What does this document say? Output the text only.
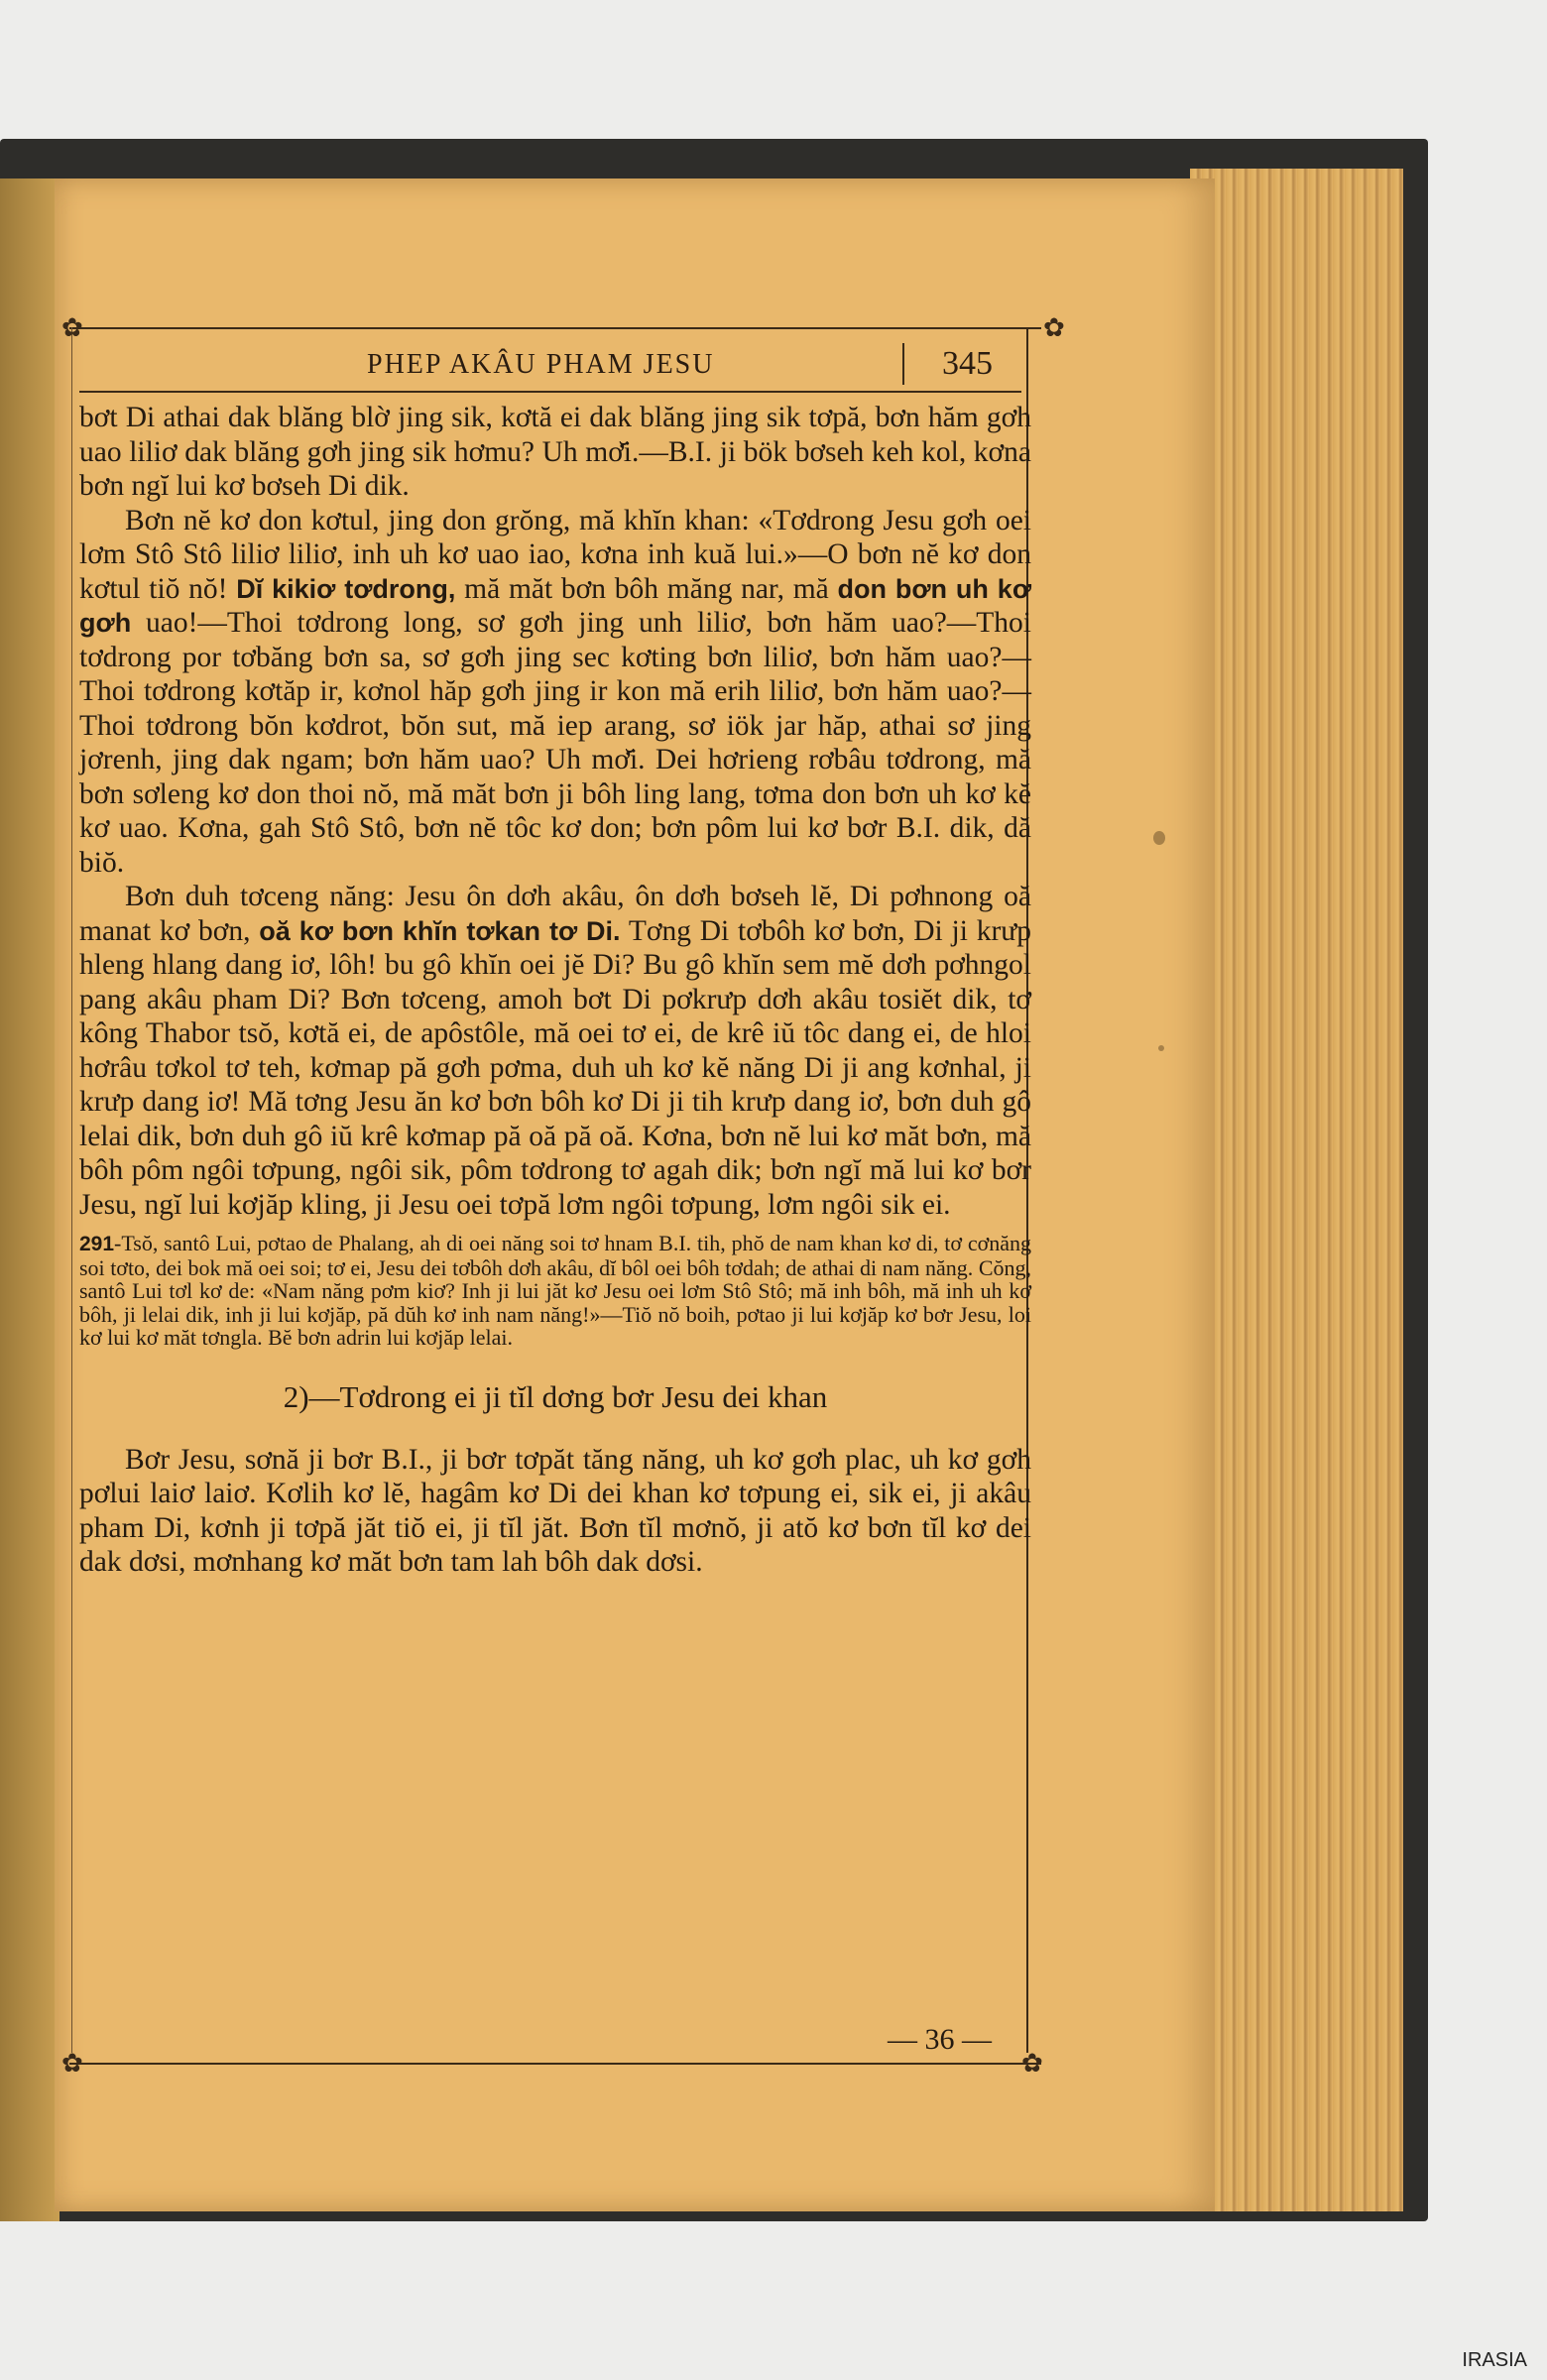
✿	✿
✿	✿
PHEP AKÂU PHAM JESU	345

bơt Di athai dak blăng blờ jing sik, kơtă ei dak blăng jing sik tơpă, bơn hăm gơh uao liliơ dak blăng gơh jing sik hơmu? Uh mơ̆i.—B.I. ji bök bơseh keh kol, kơna bơn ngĭ lui kơ bơseh Di dik.

Bơn nĕ kơ don kơtul, jing don grŏng, mă khĭn khan: «Tơdrong Jesu gơh oei lơm Stô Stô liliơ liliơ, inh uh kơ uao iao, kơna inh kuă lui.»—O bơn nĕ kơ don kơtul tiŏ nŏ! Dĭ kikiơ tơdrong, mă măt bơn bôh măng nar, mă don bơn uh kơ gơh uao!—Thoi tơdrong long, sơ gơh jing unh liliơ, bơn hăm uao?—Thoi tơdrong por tơbăng bơn sa, sơ gơh jing sec kơting bơn liliơ, bơn hăm uao?—Thoi tơdrong kơtăp ir, kơnol hăp gơh jing ir kon mă erih liliơ, bơn hăm uao?—Thoi tơdrong bŏn kơdrot, bŏn sut, mă iep arang, sơ iök jar hăp, athai sơ jing jơrenh, jing dak ngam; bơn hăm uao? Uh mơ̆i. Dei hơrieng rơbâu tơdrong, mă bơn sơleng kơ don thoi nŏ, mă măt bơn ji bôh ling lang, tơma don bơn uh kơ kĕ kơ uao. Kơna, gah Stô Stô, bơn nĕ tôc kơ don; bơn pôm lui kơ bơr B.I. dik, dă biŏ.

Bơn duh tơceng năng: Jesu ôn dơh akâu, ôn dơh bơseh lĕ, Di pơhnong oă manat kơ bơn, oă kơ bơn khĭn tơkan tơ Di. Tơng Di tơbôh kơ bơn, Di ji krưp hleng hlang dang iơ, lôh! bu gô khĭn oei jĕ Di? Bu gô khĭn sem mĕ dơh pơhngol pang akâu pham Di? Bơn tơceng, amoh bơt Di pơkrưp dơh akâu tosiĕt dik, tơ kông Thabor tsŏ, kơtă ei, de apôstôle, mă oei tơ ei, de krê iŭ tôc dang ei, de hloi hơrâu tơkol tơ teh, kơmap pă gơh pơma, duh uh kơ kĕ năng Di ji ang kơnhal, ji krưp dang iơ! Mă tơng Jesu ăn kơ bơn bôh kơ Di ji tih krưp dang iơ, bơn duh gô lelai dik, bơn duh gô iŭ krê kơmap pă oă pă oă. Kơna, bơn nĕ lui kơ măt bơn, mă bôh pôm ngôi tơpung, ngôi sik, pôm tơdrong tơ agah dik; bơn ngĭ mă lui kơ bơr Jesu, ngĭ lui kơjăp kling, ji Jesu oei tơpă lơm ngôi tơpung, lơm ngôi sik ei.

291-Tsŏ, santô Lui, pơtao de Phalang, ah di oei năng soi tơ hnam B.I. tih, phŏ de nam khan kơ di, tơ cơnăng soi tơto, dei bok mă oei soi; tơ ei, Jesu dei tơbôh dơh akâu, dĭ bôl oei bôh tơdah; de athai di nam năng. Cŏng, santô Lui tơl kơ de: «Nam năng pơm kiơ? Inh ji lui jăt kơ Jesu oei lơm Stô Stô; mă inh bôh, mă inh uh kơ bôh, ji lelai dik, inh ji lui kơjăp, pă dŭh kơ inh nam năng!»—Tiŏ nŏ boih, pơtao ji lui kơjăp kơ bơr Jesu, loi kơ lui kơ măt tơngla. Bĕ bơn adrin lui kơjăp lelai.

2)—Tơdrong ei ji tĭl dơng bơr Jesu dei khan

Bơr Jesu, sơnă ji bơr B.I., ji bơr tơpăt tăng năng, uh kơ gơh plac, uh kơ gơh pơlui laiơ laiơ. Kơlih kơ lĕ, hagâm kơ Di dei khan kơ tơpung ei, sik ei, ji akâu pham Di, kơnh ji tơpă jăt tiŏ ei, ji tĭl jăt. Bơn tĭl mơnŏ, ji atŏ kơ bơn tĭl kơ dei dak dơsi, mơnhang kơ măt bơn tam lah bôh dak dơsi.

— 36 —
IRASIA
